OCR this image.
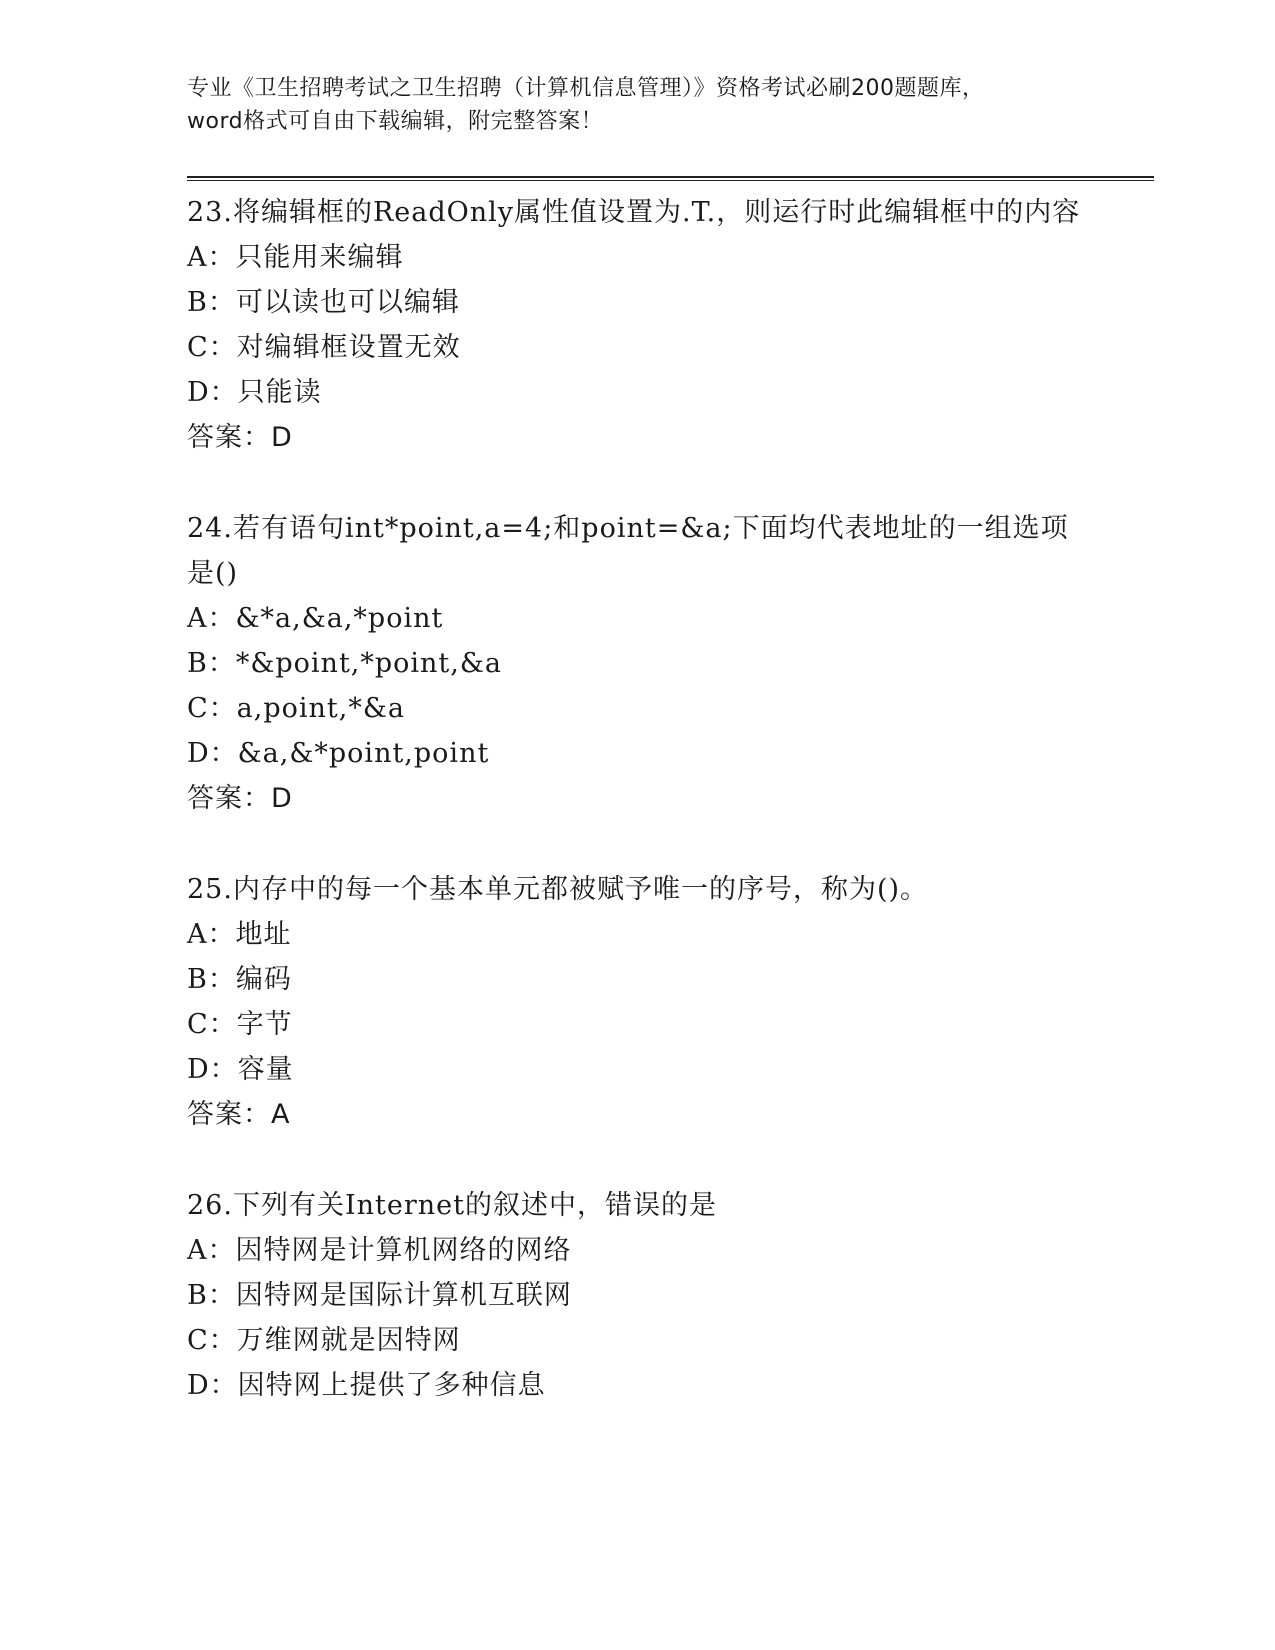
专业《卫生招聘考试之卫生招聘（计算机信息管理）》资格考试必刷200题题库，
word格式可自由下载编辑，附完整答案！

23.将编辑框的ReadOnly属性值设置为.T.，则运行时此编辑框中的内容

A：只能用来编辑

B：可以读也可以编辑

C：对编辑框设置无效

D：只能读

答案：D

24.若有语句int*point,a=4;和point=&a;下面均代表地址的一组选项是()

A：&*a,&a,*point

B：*&point,*point,&a

C：a,point,*&a

D：&a,&*point,point

答案：D

25.内存中的每一个基本单元都被赋予唯一的序号，称为()。

A：地址

B：编码

C：字节

D：容量

答案：A

26.下列有关Internet的叙述中，错误的是

A：因特网是计算机网络的网络

B：因特网是国际计算机互联网

C：万维网就是因特网

D：因特网上提供了多种信息
